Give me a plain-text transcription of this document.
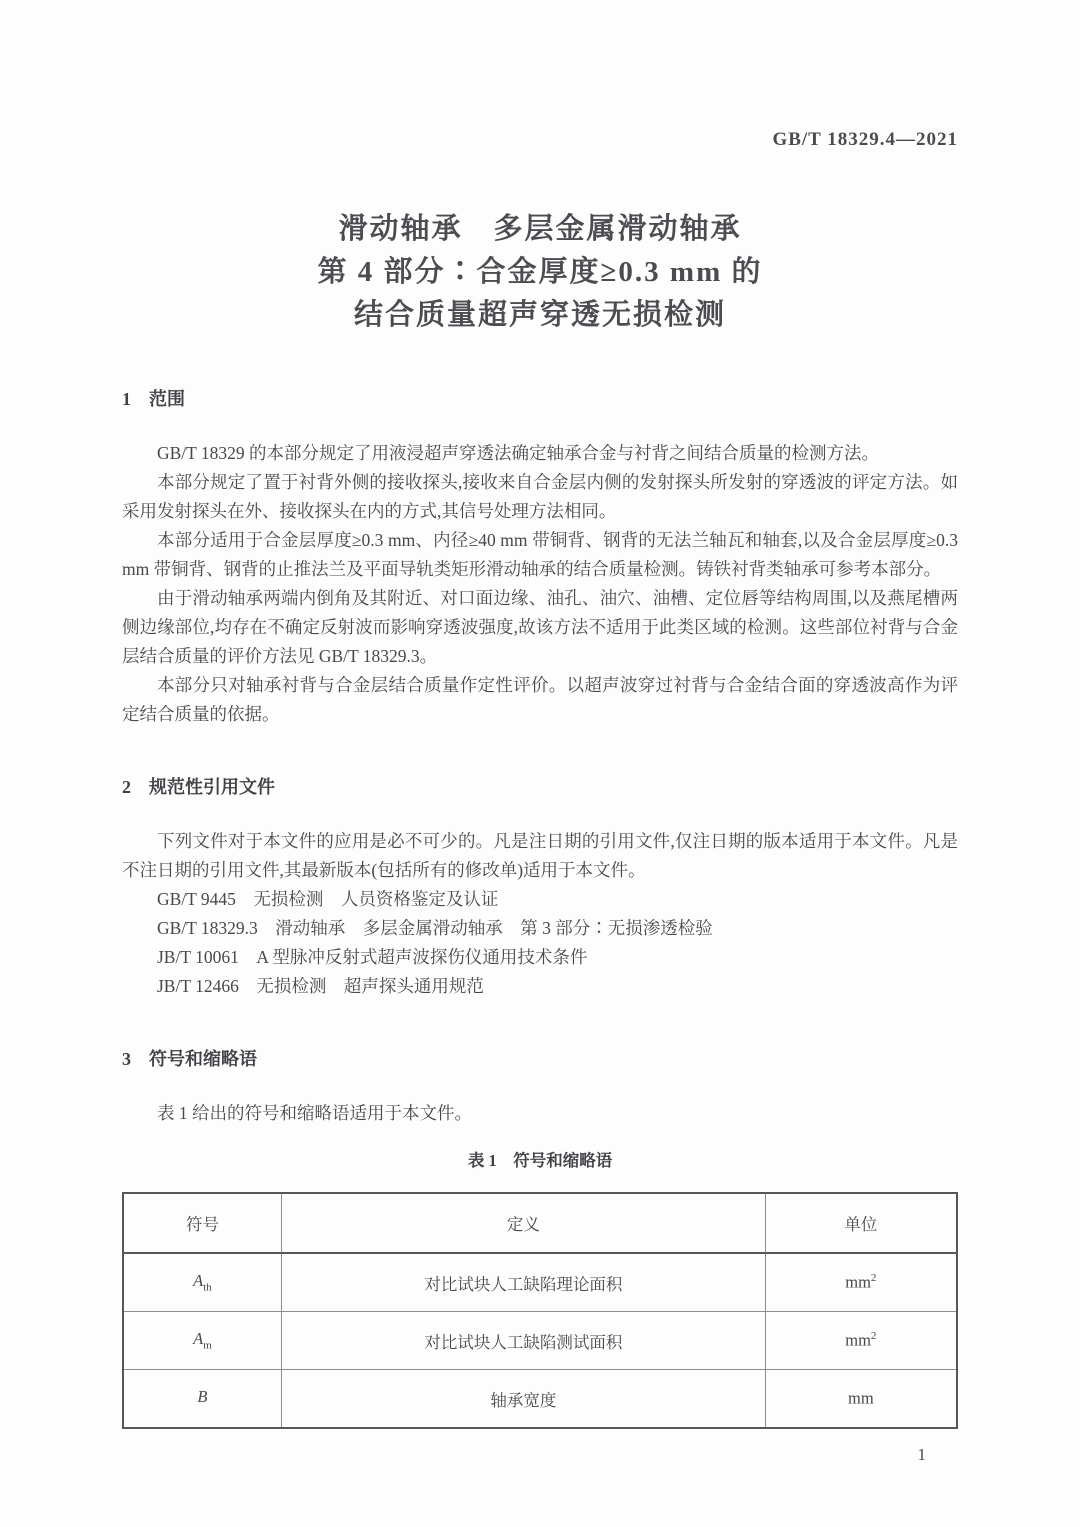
GB/T 18329.4—2021
滑动轴承　多层金属滑动轴承
第 4 部分∶合金厚度≥0.3 mm 的
结合质量超声穿透无损检测
1　范围

GB/T 18329 的本部分规定了用液浸超声穿透法确定轴承合金与衬背之间结合质量的检测方法。

本部分规定了置于衬背外侧的接收探头,接收来自合金层内侧的发射探头所发射的穿透波的评定方法。如采用发射探头在外、接收探头在内的方式,其信号处理方法相同。

本部分适用于合金层厚度≥0.3 mm、内径≥40 mm 带铜背、钢背的无法兰轴瓦和轴套,以及合金层厚度≥0.3 mm 带铜背、钢背的止推法兰及平面导轨类矩形滑动轴承的结合质量检测。铸铁衬背类轴承可参考本部分。

由于滑动轴承两端内倒角及其附近、对口面边缘、油孔、油穴、油槽、定位唇等结构周围,以及燕尾槽两侧边缘部位,均存在不确定反射波而影响穿透波强度,故该方法不适用于此类区域的检测。这些部位衬背与合金层结合质量的评价方法见 GB/T 18329.3。

本部分只对轴承衬背与合金层结合质量作定性评价。以超声波穿过衬背与合金结合面的穿透波高作为评定结合质量的依据。

2　规范性引用文件

下列文件对于本文件的应用是必不可少的。凡是注日期的引用文件,仅注日期的版本适用于本文件。凡是不注日期的引用文件,其最新版本(包括所有的修改单)适用于本文件。

GB/T 9445　无损检测　人员资格鉴定及认证
GB/T 18329.3　滑动轴承　多层金属滑动轴承　第 3 部分∶无损渗透检验
JB/T 10061　A 型脉冲反射式超声波探伤仪通用技术条件
JB/T 12466　无损检测　超声探头通用规范
3　符号和缩略语

表 1 给出的符号和缩略语适用于本文件。

表 1　符号和缩略语
符号	定义	单位
$A_{th}$	对比试块人工缺陷理论面积	$mm^2$
$A_m$	对比试块人工缺陷测试面积	$mm^2$
B	轴承宽度	mm
1
